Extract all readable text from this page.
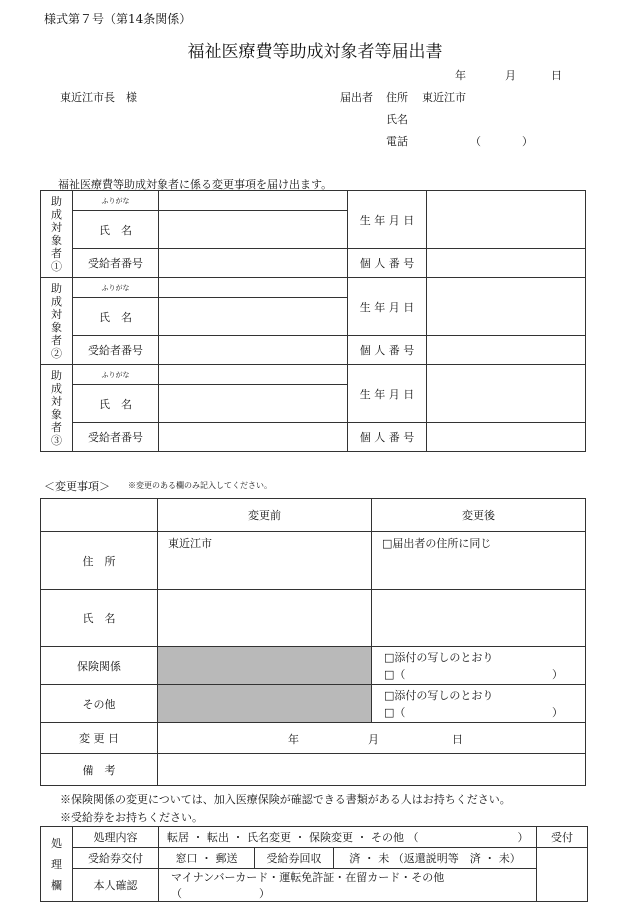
様式第７号（第14条関係）
福祉医療費等助成対象者等届出書
年	月	日
東近江市長　様	届出者 住所 東近江市
氏名
電話	（	）
福祉医療費等助成対象者に係る変更事項を届け出ます。
助成対象者①	ふりがな		生 年 月 日	
	氏　名			
	受給者番号		個 人 番 号	

助成対象者②	ふりがな		生 年 月 日	
	氏　名			
	受給者番号		個 人 番 号	

助成対象者③	ふりがな		生 年 月 日	
	氏　名			
	受給者番号		個 人 番 号	
＜変更事項＞ ※変更のある欄のみ記入してください。
	変更前	変更後
住　所	東近江市	□届出者の住所に同じ
氏　名		
保険関係		□添付の写しのとおり
□（ ）

その他		□添付の写しのとおり
□（ ）

変 更 日	年 月 日	

備　考		
※保険関係の変更については、加入医療保険が確認できる書類がある人はお持ちください。
※受給券をお持ちください。
処理欄	処理内容	転居 ・ 転出 ・ 氏名変更 ・ 保険変更 ・ その他 （　　　　　　　　　）			受付
	受給券交付	窓口 ・ 郵送	受給券回収	済 ・ 未 （返還説明等　済 ・ 未）	
	本人確認	マイナンバーカード・運転免許証・在留カード・その他（　　　　　　　）			
